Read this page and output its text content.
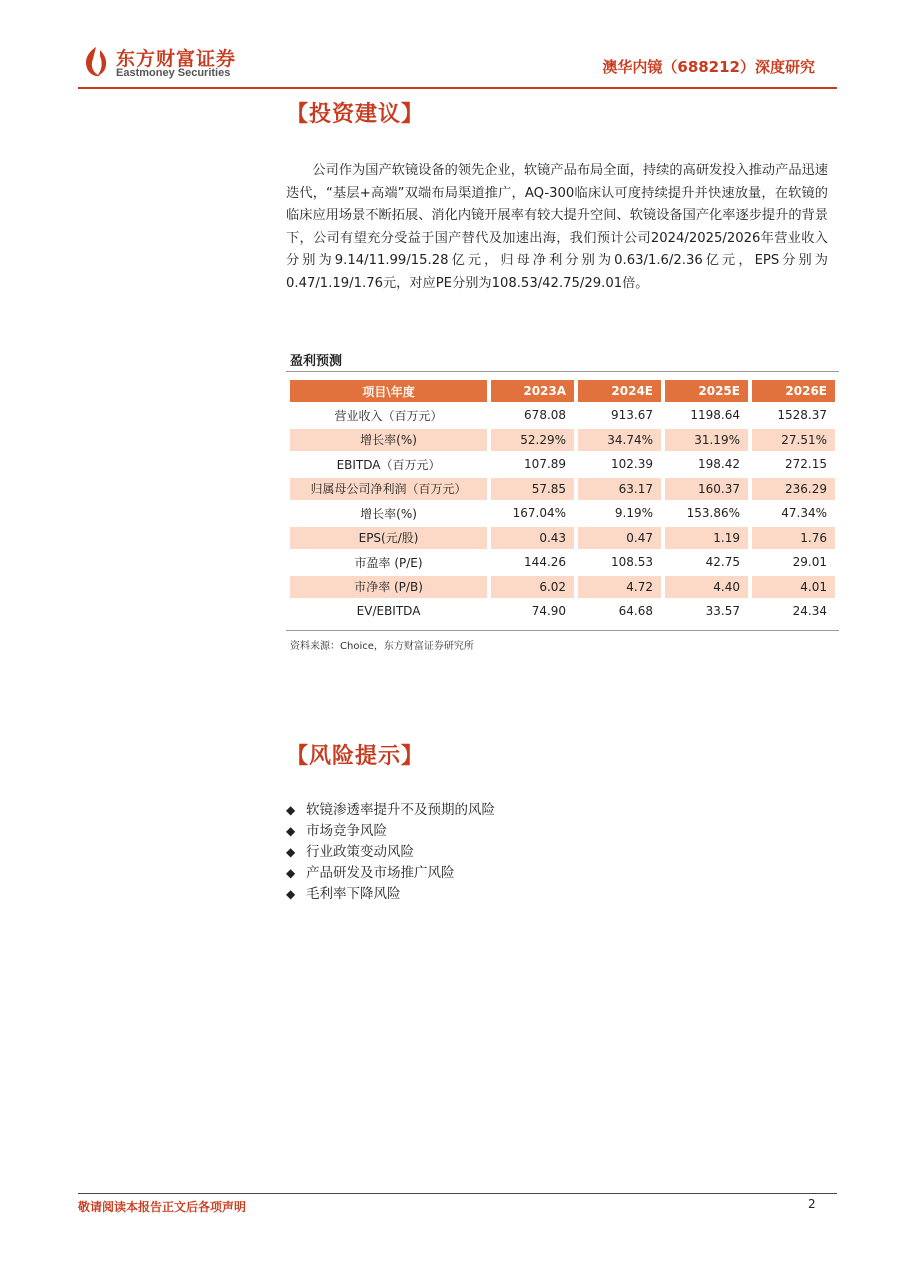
东方财富证券
Eastmoney Securities	澳华内镜（688212）深度研究
【投资建议】

公司作为国产软镜设备的领先企业，软镜产品布局全面，持续的高研发投入推动产品迅速迭代，“基层+高端”双端布局渠道推广，AQ-300临床认可度持续提升并快速放量，在软镜的临床应用场景不断拓展、消化内镜开展率有较大提升空间、软镜设备国产化率逐步提升的背景下，公司有望充分受益于国产替代及加速出海，我们预计公司2024/2025/2026年营业收入分别为9.14/11.99/15.28亿元，归母净利分别为0.63/1.6/2.36亿元，EPS分别为0.47/1.19/1.76元，对应PE分别为108.53/42.75/29.01倍。

盈利预测
项目\年度	2023A	2024E	2025E	2026E
营业收入（百万元）	678.08	913.67	1198.64	1528.37
增长率(%)	52.29%	34.74%	31.19%	27.51%
EBITDA（百万元）	107.89	102.39	198.42	272.15
归属母公司净利润（百万元）	57.85	63.17	160.37	236.29
增长率(%)	167.04%	9.19%	153.86%	47.34%
EPS(元/股)	0.43	0.47	1.19	1.76
市盈率 (P/E)	144.26	108.53	42.75	29.01
市净率 (P/B)	6.02	4.72	4.40	4.01
EV/EBITDA	74.90	64.68	33.57	24.34
资料来源：Choice，东方财富证券研究所
【风险提示】
◆ 软镜渗透率提升不及预期的风险
◆ 市场竞争风险
◆ 行业政策变动风险
◆ 产品研发及市场推广风险
◆ 毛利率下降风险
敬请阅读本报告正文后各项声明	2
